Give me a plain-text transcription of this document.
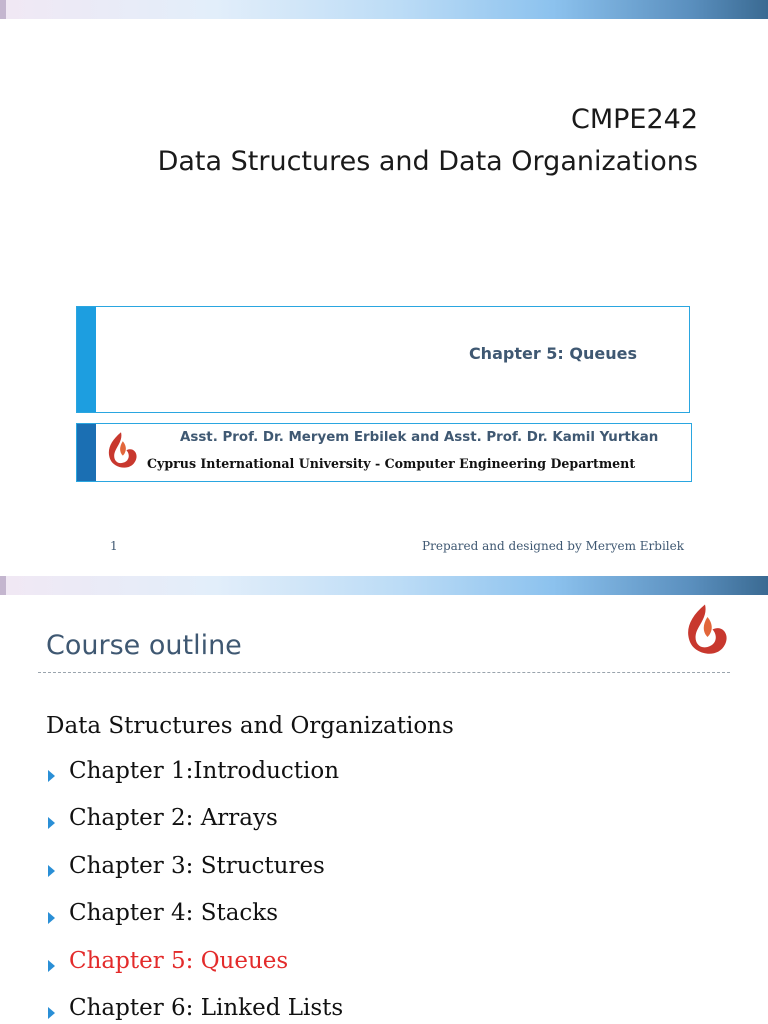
CMPE242
Data Structures and Data Organizations
Chapter 5: Queues
Asst. Prof. Dr. Meryem Erbilek and Asst. Prof. Dr. Kamil Yurtkan
Cyprus International University - Computer Engineering Department
1	Prepared and designed by Meryem Erbilek
Course outline
Data Structures and Organizations
Chapter 1:Introduction
Chapter 2: Arrays
Chapter 3: Structures
Chapter 4: Stacks
Chapter 5: Queues
Chapter 6: Linked Lists
